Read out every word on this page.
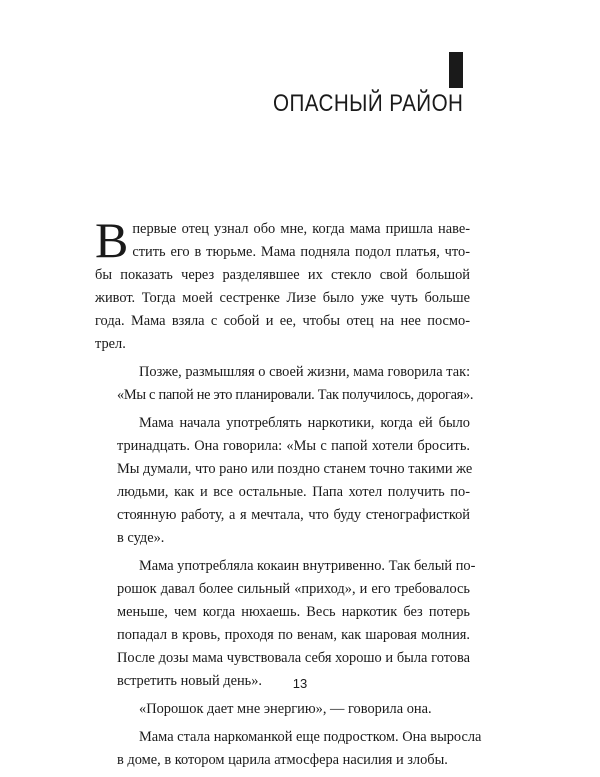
ОПАСНЫЙ РАЙОН
В первые отец узнал обо мне, когда мама пришла наве-
стить его в тюрьме. Мама подняла подол платья, что-
бы показать через разделявшее их стекло свой большой
живот. Тогда моей сестренке Лизе было уже чуть больше
года. Мама взяла с собой и ее, чтобы отец на нее посмо-
трел.
Позже, размышляя о своей жизни, мама говорила так:
«Мы с папой не это планировали. Так получилось, дорогая».
Мама начала употреблять наркотики, когда ей было
тринадцать. Она говорила: «Мы с папой хотели бросить.
Мы думали, что рано или поздно станем точно такими же
людьми, как и все остальные. Папа хотел получить по-
стоянную работу, а я мечтала, что буду стенографисткой
в суде».
Мама употребляла кокаин внутривенно. Так белый по-
рошок давал более сильный «приход», и его требовалось
меньше, чем когда нюхаешь. Весь наркотик без потерь
попадал в кровь, проходя по венам, как шаровая молния.
После дозы мама чувствовала себя хорошо и была готова
встретить новый день».
«Порошок дает мне энергию», — говорила она.
Мама стала наркоманкой еще подростком. Она выросла
в доме, в котором царила атмосфера насилия и злобы.
13
